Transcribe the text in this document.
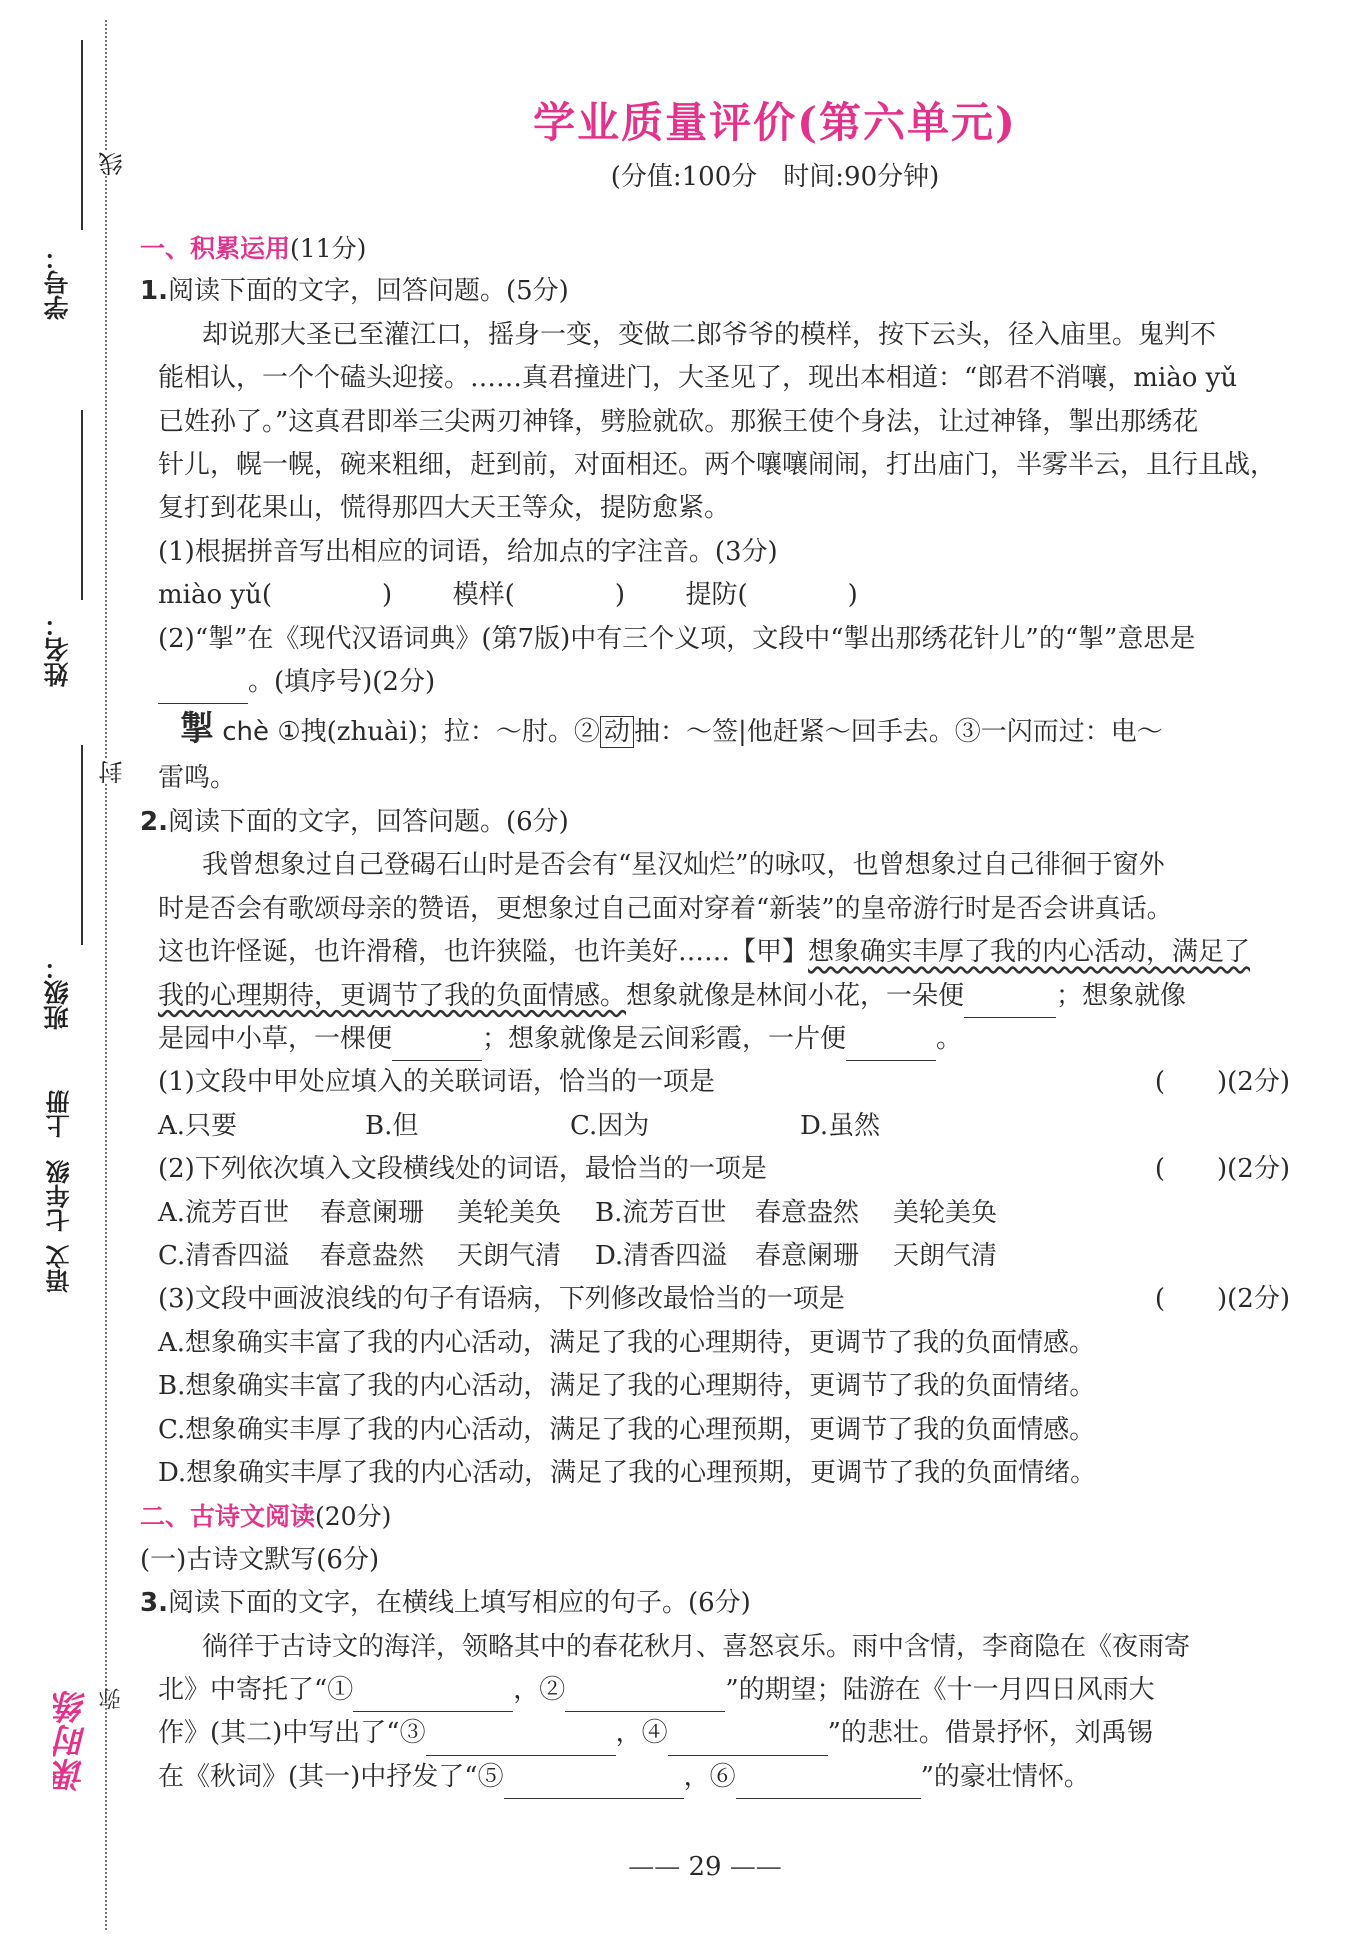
学号：
姓名：
班级：
线
封
上册
七年级
语文
课时练 弥
学业质量评价(第六单元)
(分值:100分　时间:90分钟)
一、积累运用(11分)
1.阅读下面的文字，回答问题。(5分)
却说那大圣已至灌江口，摇身一变，变做二郎爷爷的模样，按下云头，径入庙里。鬼判不
能相认，一个个磕头迎接。……真君撞进门，大圣见了，现出本相道：“郎君不消嚷，miào yǔ
已姓孙了。”这真君即举三尖两刃神锋，劈脸就砍。那猴王使个身法，让过神锋，掣出那绣花
针儿，幌一幌，碗来粗细，赶到前，对面相还。两个嚷嚷闹闹，打出庙门，半雾半云，且行且战，
复打到花果山，慌得那四大天王等众，提防愈紧。
(1)根据拼音写出相应的词语，给加点的字注音。(3分)
miào yǔ(	) 模样(	) 提防(	)
(2)“掣”在《现代汉语词典》(第7版)中有三个义项，文段中“掣出那绣花针儿”的“掣”意思是
。(填序号)(2分)
掣 chè ①拽(zhuài)；拉：～肘。② 动 抽：～签|他赶紧～回手去。③一闪而过：电～
雷鸣。
2.阅读下面的文字，回答问题。(6分)
我曾想象过自己登碣石山时是否会有“星汉灿烂”的咏叹，也曾想象过自己徘徊于窗外
时是否会有歌颂母亲的赞语，更想象过自己面对穿着“新装”的皇帝游行时是否会讲真话。
这也许怪诞，也许滑稽，也许狭隘，也许美好……【甲】想象确实丰厚了我的内心活动，满足了
我的心理期待，更调节了我的负面情感。想象就像是林间小花，一朵便	；想象就像
是园中小草，一棵便	；想象就像是云间彩霞，一片便	。
(1)文段中甲处应填入的关联词语，恰当的一项是	(　　)(2分)
A.只要	B.但	C.因为	D.虽然
(2)下列依次填入文段横线处的词语，最恰当的一项是	(　　)(2分)
A.流芳百世	春意阑珊	美轮美奂	B.流芳百世	春意盎然	美轮美奂
C.清香四溢	春意盎然	天朗气清	D.清香四溢	春意阑珊	天朗气清
(3)文段中画波浪线的句子有语病，下列修改最恰当的一项是	(　　)(2分)
A.想象确实丰富了我的内心活动，满足了我的心理期待，更调节了我的负面情感。
B.想象确实丰富了我的内心活动，满足了我的心理期待，更调节了我的负面情绪。
C.想象确实丰厚了我的内心活动，满足了我的心理预期，更调节了我的负面情感。
D.想象确实丰厚了我的内心活动，满足了我的心理预期，更调节了我的负面情绪。
二、古诗文阅读(20分)
(一)古诗文默写(6分)
3.阅读下面的文字，在横线上填写相应的句子。(6分)
徜徉于古诗文的海洋，领略其中的春花秋月、喜怒哀乐。雨中含情，李商隐在《夜雨寄
北》中寄托了“①	，②	”的期望；陆游在《十一月四日风雨大
作》(其二)中写出了“③	，④	”的悲壮。借景抒怀，刘禹锡
在《秋词》(其一)中抒发了“⑤	，⑥	”的豪壮情怀。
—— 29 ——
